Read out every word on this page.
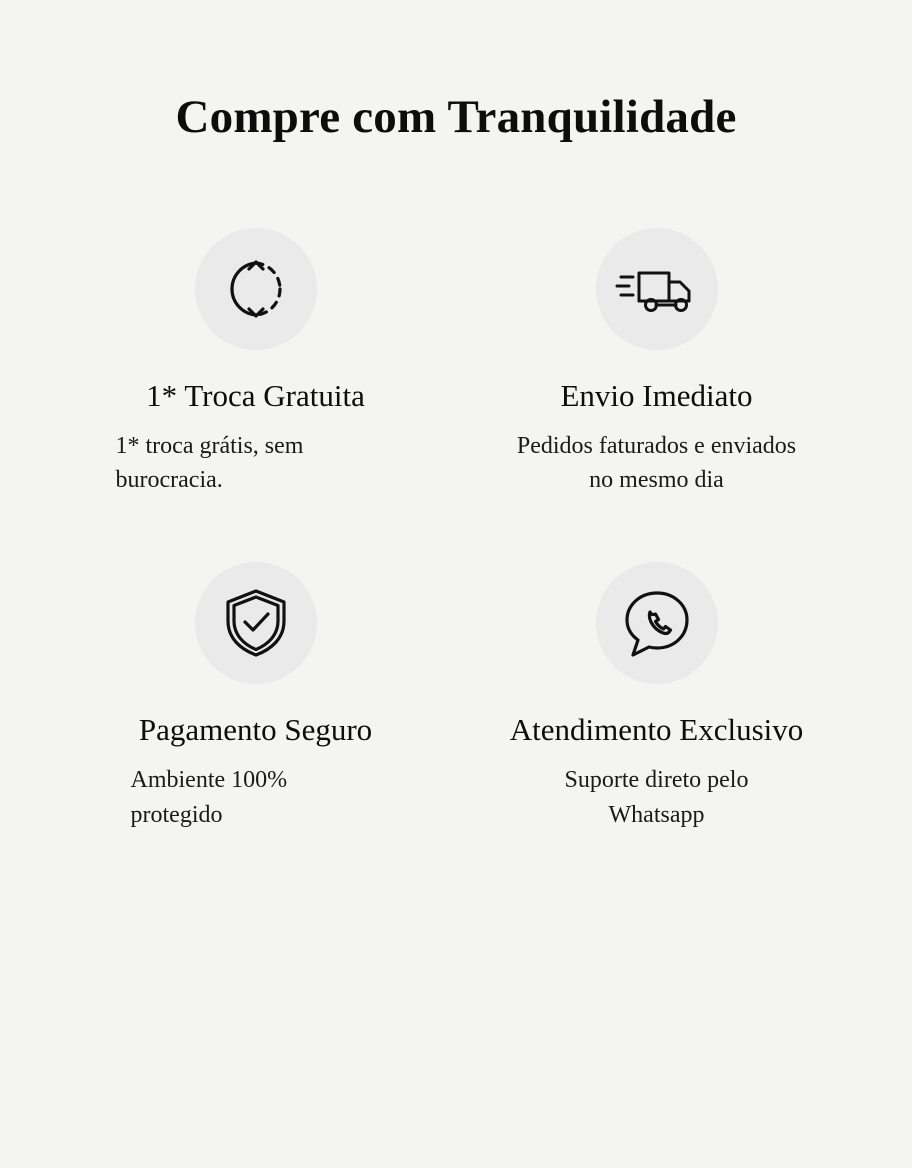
Compre com Tranquilidade
1* Troca Gratuita
1* troca grátis, sem burocracia.
Envio Imediato
Pedidos faturados e enviados no mesmo dia
Pagamento Seguro
Ambiente 100% protegido
Atendimento Exclusivo
Suporte direto pelo Whatsapp
